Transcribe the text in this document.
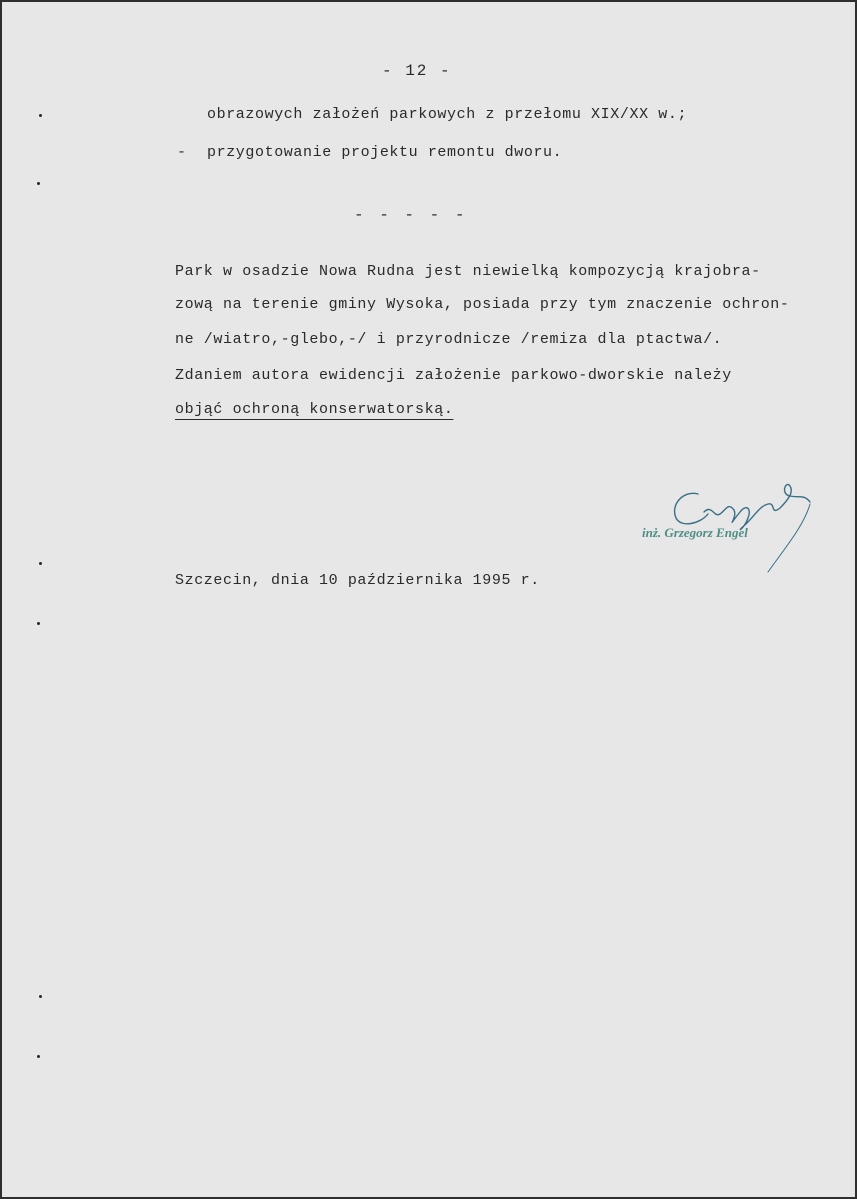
- 12 -
obrazowych założeń parkowych z przełomu XIX/XX w.;
- przygotowanie projektu remontu dworu.
- - - - -
Park w osadzie Nowa Rudna jest niewielką kompozycją krajobra-
zową na terenie gminy Wysoka, posiada przy tym znaczenie ochron-
ne /wiatro,-glebo,-/ i przyrodnicze /remiza dla ptactwa/.
Zdaniem autora ewidencji założenie parkowo-dworskie należy
objąć ochroną konserwatorską.
inż. Grzegorz Engel
Szczecin, dnia 10 października 1995 r.
